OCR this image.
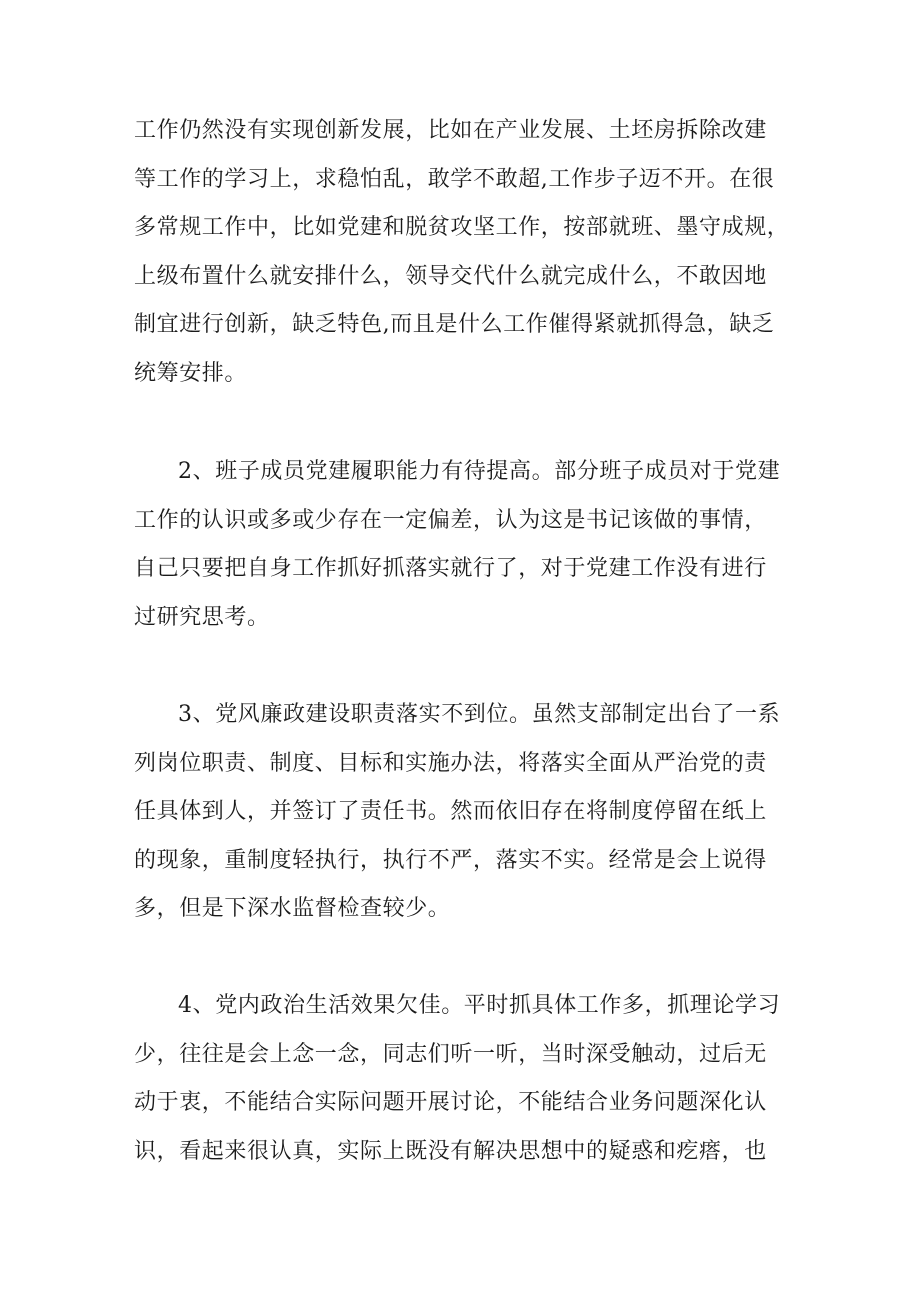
工作仍然没有实现创新发展，比如在产业发展、土坯房拆除改建
等工作的学习上，求稳怕乱，敢学不敢超,工作步子迈不开。在很
多常规工作中，比如党建和脱贫攻坚工作，按部就班、墨守成规，
上级布置什么就安排什么，领导交代什么就完成什么，不敢因地
制宜进行创新，缺乏特色,而且是什么工作催得紧就抓得急，缺乏
统筹安排。
2、班子成员党建履职能力有待提高。部分班子成员对于党建
工作的认识或多或少存在一定偏差，认为这是书记该做的事情，
自己只要把自身工作抓好抓落实就行了，对于党建工作没有进行
过研究思考。
3、党风廉政建设职责落实不到位。虽然支部制定出台了一系
列岗位职责、制度、目标和实施办法，将落实全面从严治党的责
任具体到人，并签订了责任书。然而依旧存在将制度停留在纸上
的现象，重制度轻执行，执行不严，落实不实。经常是会上说得
多，但是下深水监督检查较少。
4、党内政治生活效果欠佳。平时抓具体工作多，抓理论学习
少，往往是会上念一念，同志们听一听，当时深受触动，过后无
动于衷，不能结合实际问题开展讨论，不能结合业务问题深化认
识，看起来很认真，实际上既没有解决思想中的疑惑和疙瘩，也
